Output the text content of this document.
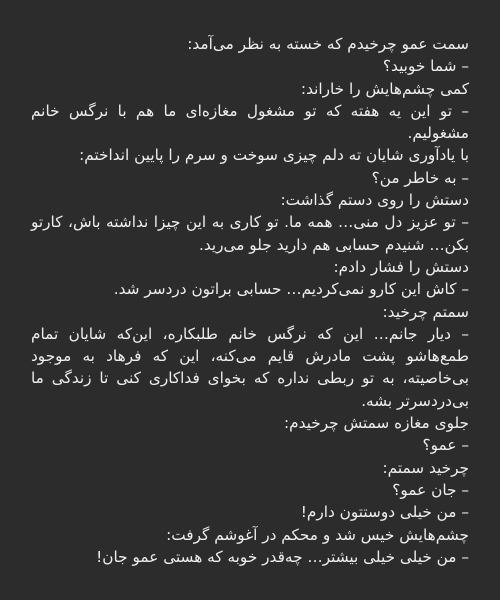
سمت عمو چرخیدم که خسته به نظر می‌آمد:

– شما خوبید؟

کمی چشم‌هایش را خاراند:

– تو این یه هفته که تو مشغول مغازه‌ای ما هم با نرگس خانم مشغولیم.

با یادآوری شایان ته دلم چیزی سوخت و سرم را پایین انداختم:

– به خاطر من؟

دستش را روی دستم گذاشت:

– تو عزیز دل منی… همه ما. تو کاری به این چیزا نداشته باش، کارتو بکن… شنیدم حسابی هم دارید جلو می‌رید.

دستش را فشار دادم:

– کاش این کارو نمی‌کردیم… حسابی براتون دردسر شد.

سمتم چرخید:

– دیار جانم… این که نرگس خانم طلبکاره، این‌که شایان تمام طمع‌هاشو پشت مادرش قایم می‌کنه، این که فرهاد به موجود بی‌خاصیته، به تو ربطی نداره که بخوای فداکاری کنی تا زندگی ما بی‌دردسرتر بشه.

جلوی مغازه سمتش چرخیدم:

– عمو؟

چرخید سمتم:

– جان عمو؟

– من خیلی دوستتون دارم!

چشم‌هایش خیس شد و محکم در آغوشم گرفت:

– من خیلی خیلی بیشتر… چه‌قدر خوبه که هستی عمو جان!
